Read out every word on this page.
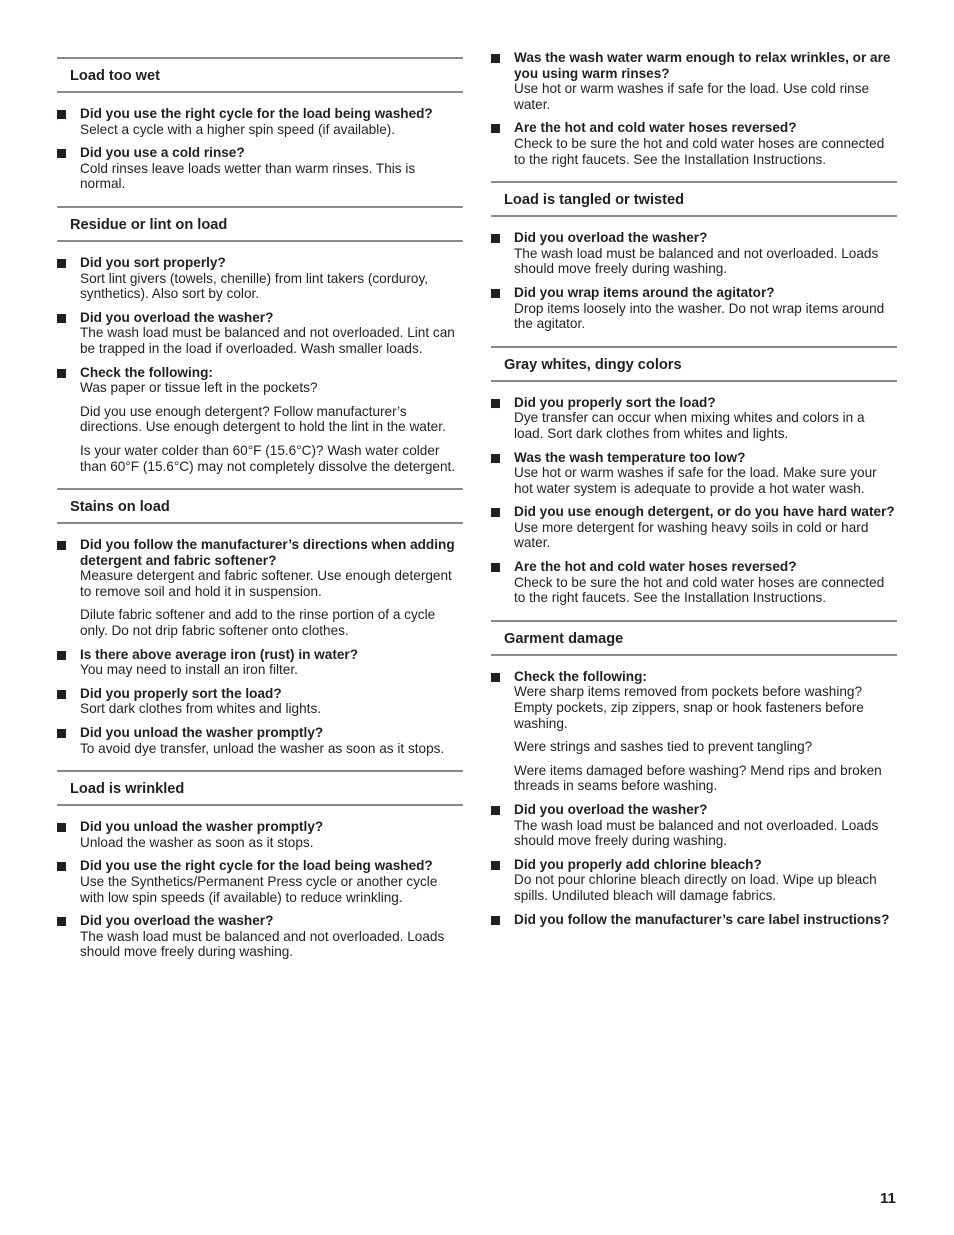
Load too wet
Did you use the right cycle for the load being washed?
Select a cycle with a higher spin speed (if available).
Did you use a cold rinse?
Cold rinses leave loads wetter than warm rinses. This is normal.
Residue or lint on load
Did you sort properly?
Sort lint givers (towels, chenille) from lint takers (corduroy, synthetics). Also sort by color.
Did you overload the washer?
The wash load must be balanced and not overloaded. Lint can be trapped in the load if overloaded. Wash smaller loads.
Check the following:
Was paper or tissue left in the pockets?
Did you use enough detergent? Follow manufacturer’s directions. Use enough detergent to hold the lint in the water.
Is your water colder than 60°F (15.6°C)? Wash water colder than 60°F (15.6°C) may not completely dissolve the detergent.
Stains on load
Did you follow the manufacturer’s directions when adding detergent and fabric softener?
Measure detergent and fabric softener. Use enough detergent to remove soil and hold it in suspension.
Dilute fabric softener and add to the rinse portion of a cycle only. Do not drip fabric softener onto clothes.
Is there above average iron (rust) in water?
You may need to install an iron filter.
Did you properly sort the load?
Sort dark clothes from whites and lights.
Did you unload the washer promptly?
To avoid dye transfer, unload the washer as soon as it stops.
Load is wrinkled
Did you unload the washer promptly?
Unload the washer as soon as it stops.
Did you use the right cycle for the load being washed?
Use the Synthetics/Permanent Press cycle or another cycle with low spin speeds (if available) to reduce wrinkling.
Did you overload the washer?
The wash load must be balanced and not overloaded. Loads should move freely during washing.
Was the wash water warm enough to relax wrinkles, or are you using warm rinses?
Use hot or warm washes if safe for the load. Use cold rinse water.
Are the hot and cold water hoses reversed?
Check to be sure the hot and cold water hoses are connected to the right faucets. See the Installation Instructions.
Load is tangled or twisted
Did you overload the washer?
The wash load must be balanced and not overloaded. Loads should move freely during washing.
Did you wrap items around the agitator?
Drop items loosely into the washer. Do not wrap items around the agitator.
Gray whites, dingy colors
Did you properly sort the load?
Dye transfer can occur when mixing whites and colors in a load. Sort dark clothes from whites and lights.
Was the wash temperature too low?
Use hot or warm washes if safe for the load. Make sure your hot water system is adequate to provide a hot water wash.
Did you use enough detergent, or do you have hard water?
Use more detergent for washing heavy soils in cold or hard water.
Are the hot and cold water hoses reversed?
Check to be sure the hot and cold water hoses are connected to the right faucets. See the Installation Instructions.
Garment damage
Check the following:
Were sharp items removed from pockets before washing? Empty pockets, zip zippers, snap or hook fasteners before washing.
Were strings and sashes tied to prevent tangling?
Were items damaged before washing? Mend rips and broken threads in seams before washing.
Did you overload the washer?
The wash load must be balanced and not overloaded. Loads should move freely during washing.
Did you properly add chlorine bleach?
Do not pour chlorine bleach directly on load. Wipe up bleach spills. Undiluted bleach will damage fabrics.
Did you follow the manufacturer’s care label instructions?
11
